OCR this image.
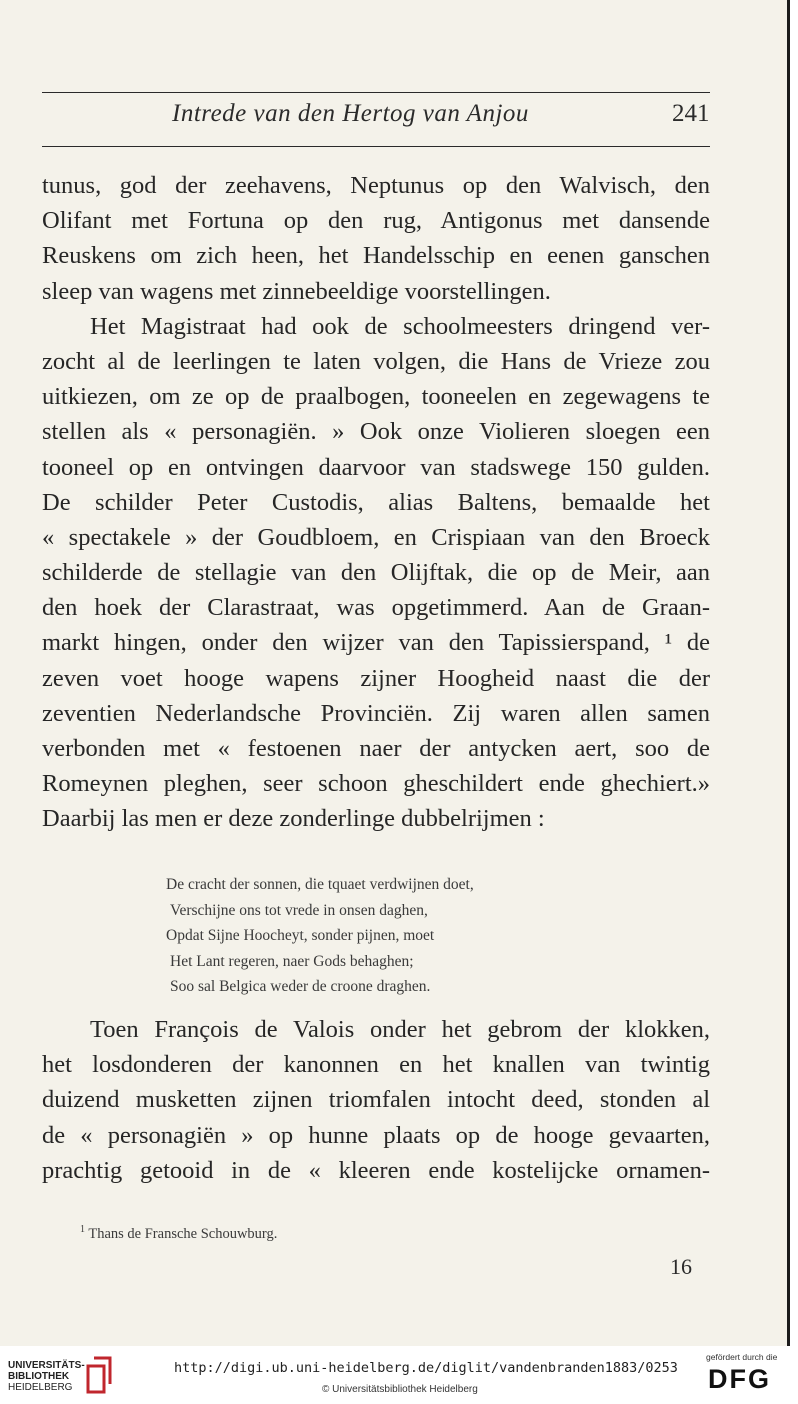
Intrede van den Hertog van Anjou	241
tunus, god der zeehavens, Neptunus op den Walvisch, den
Olifant met Fortuna op den rug, Antigonus met dansende
Reuskens om zich heen, het Handelsschip en eenen ganschen
sleep van wagens met zinnebeeldige voorstellingen.
Het Magistraat had ook de schoolmeesters dringend ver-
zocht al de leerlingen te laten volgen, die Hans de Vrieze zou
uitkiezen, om ze op de praalbogen, tooneelen en zegewagens te
stellen als « personagiën. » Ook onze Violieren sloegen een
tooneel op en ontvingen daarvoor van stadswege 150 gulden.
De schilder Peter Custodis, alias Baltens, bemaalde het
« spectakele » der Goudbloem, en Crispiaan van den Broeck
schilderde de stellagie van den Olijftak, die op de Meir, aan
den hoek der Clarastraat, was opgetimmerd. Aan de Graan-
markt hingen, onder den wijzer van den Tapissierspand, ¹ de
zeven voet hooge wapens zijner Hoogheid naast die der
zeventien Nederlandsche Provinciën. Zij waren allen samen
verbonden met « festoenen naer der antycken aert, soo de
Romeynen pleghen, seer schoon gheschildert ende ghechiert.»
Daarbij las men er deze zonderlinge dubbelrijmen :
De cracht der sonnen, die tquaet verdwijnen doet,
Verschijne ons tot vrede in onsen daghen,
Opdat Sijne Hoocheyt, sonder pijnen, moet
Het Lant regeren, naer Gods behaghen;
Soo sal Belgica weder de croone draghen.
Toen François de Valois onder het gebrom der klokken,
het losdonderen der kanonnen en het knallen van twintig
duizend musketten zijnen triomfalen intocht deed, stonden al
de « personagiën » op hunne plaats op de hooge gevaarten,
prachtig getooid in de « kleeren ende kostelijcke ornamen-
$^1$ Thans de Fransche Schouwburg.
16
UNIVERSITÄTS-
BIBLIOTHEK
HEIDELBERG
http://digi.ub.uni-heidelberg.de/diglit/vandenbranden1883/0253
© Universitätsbibliothek Heidelberg
gefördert durch die
DFG
